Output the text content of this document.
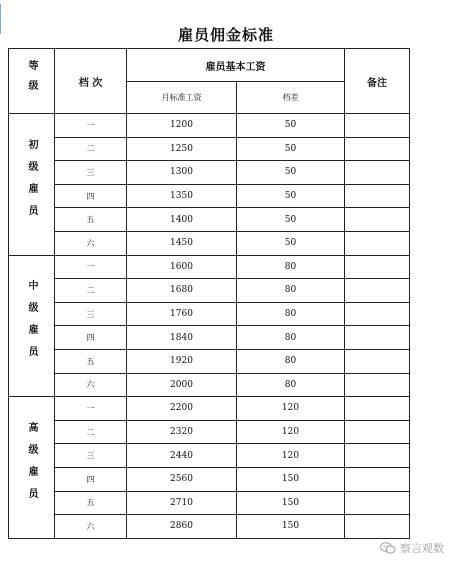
雇员佣金标准
等级	档 次	雇员基本工资		备注
		月标准工资	档差	
初级雇员	一	1200	50	
	二	1250	50	
	三	1300	50	
	四	1350	50	
	五	1400	50	
	六	1450	50	
中级雇员	一	1600	80	
	二	1680	80	
	三	1760	80	
	四	1840	80	
	五	1920	80	
	六	2000	80	
高级雇员	一	2200	120	
	二	2320	120	
	三	2440	120	
	四	2560	150	
	五	2710	150	
	六	2860	150	
察言观数
